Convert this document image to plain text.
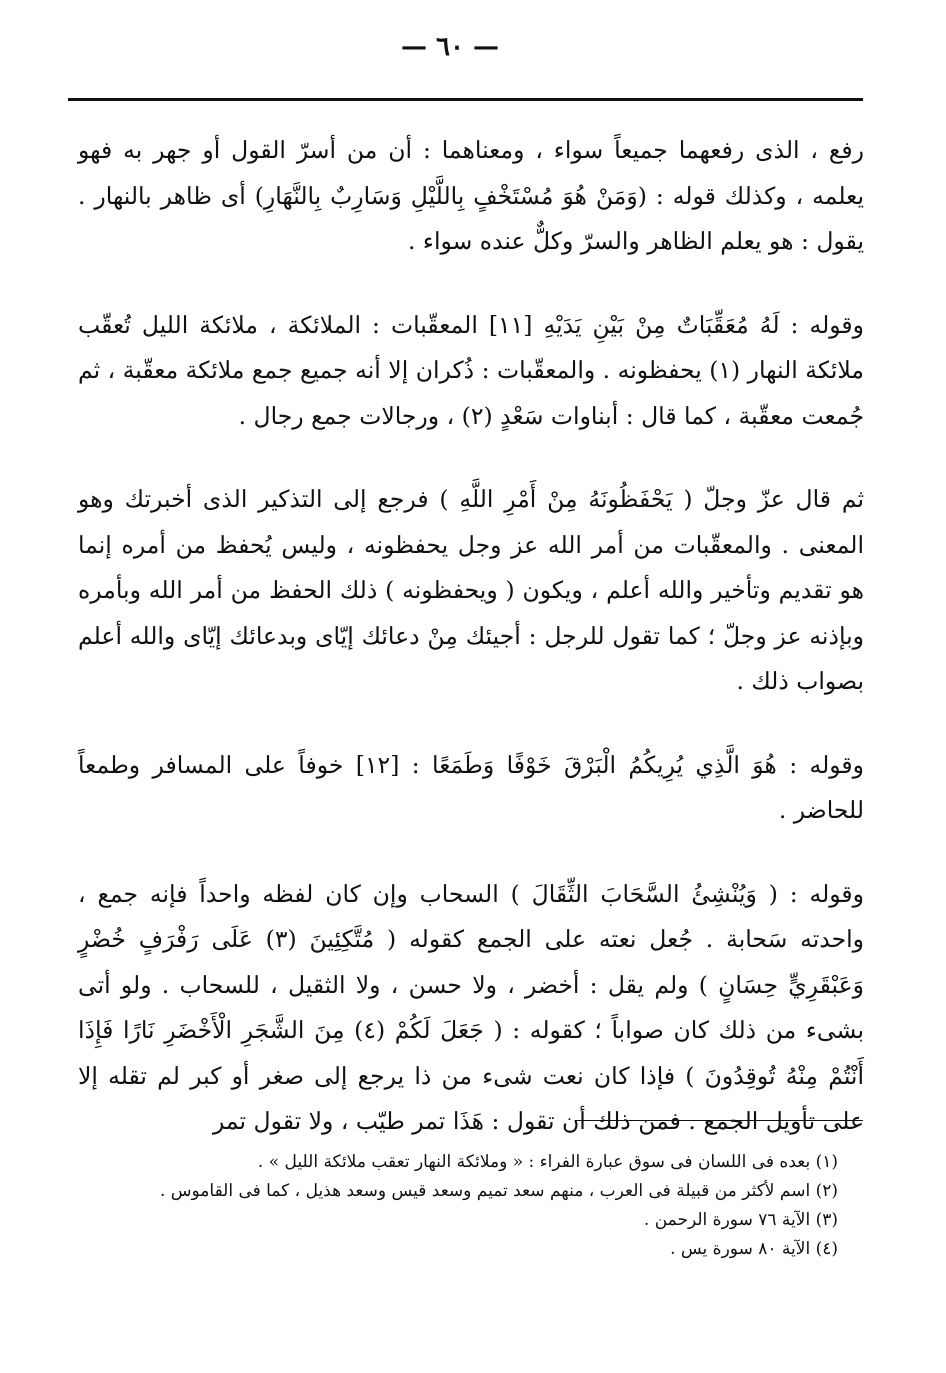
— ٦٠ —

رفع ، الذى رفعهما جميعاً سواء ، ومعناهما : أن من أسرّ القول أو جهر به فهو يعلمه ، وكذلك قوله : (وَمَنْ هُوَ مُسْتَخْفٍ بِاللَّيْلِ وَسَارِبٌ بِالنَّهَارِ) أى ظاهر بالنهار . يقول : هو يعلم الظاهر والسرّ وكلٌّ عنده سواء .

وقوله : لَهُ مُعَقِّبَاتٌ مِنْ بَيْنِ يَدَيْهِ [١١] المعقّبات : الملائكة ، ملائكة الليل تُعقّب ملائكة النهار (١) يحفظونه . والمعقّبات : ذُكران إلا أنه جميع جمع ملائكة معقّبة ، ثم جُمعت معقّبة ، كما قال : أبناوات سَعْدٍ (٢) ، ورجالات جمع رجال .

ثم قال عزّ وجلّ ( يَحْفَظُونَهُ مِنْ أَمْرِ اللَّهِ ) فرجع إلى التذكير الذى أخبرتك وهو المعنى . والمعقّبات من أمر الله عز وجل يحفظونه ، وليس يُحفظ من أمره إنما هو تقديم وتأخير والله أعلم ، ويكون ( ويحفظونه ) ذلك الحفظ من أمر الله وبأمره وبإذنه عز وجلّ ؛ كما تقول للرجل : أجيئك مِنْ دعائك إيّاى وبدعائك إيّاى والله أعلم بصواب ذلك .

وقوله : هُوَ الَّذِي يُرِيكُمُ الْبَرْقَ خَوْفًا وَطَمَعًا : [١٢] خوفاً على المسافر وطمعاً للحاضر .

وقوله : ( وَيُنْشِئُ السَّحَابَ الثِّقَالَ ) السحاب وإن كان لفظه واحداً فإنه جمع ، واحدته سَحابة . جُعل نعته على الجمع كقوله ( مُتَّكِئِينَ (٣) عَلَى رَفْرَفٍ خُضْرٍ وَعَبْقَرِيٍّ حِسَانٍ ) ولم يقل : أخضر ، ولا حسن ، ولا الثقيل ، للسحاب . ولو أتى بشىء من ذلك كان صواباً ؛ كقوله : ( جَعَلَ لَكُمْ (٤) مِنَ الشَّجَرِ الْأَخْضَرِ نَارًا فَإِذَا أَنْتُمْ مِنْهُ تُوقِدُونَ ) فإذا كان نعت شىء من ذا يرجع إلى صغر أو كبر لم تقله إلا على تأويل الجمع . فمن ذلك أن تقول : هَذَا تمر طيّب ، ولا تقول تمر

(١) بعده فى اللسان فى سوق عبارة الفراء : « وملائكة النهار تعقب ملائكة الليل » .

(٢) اسم لأكثر من قبيلة فى العرب ، منهم سعد تميم وسعد قيس وسعد هذيل ، كما فى القاموس .

(٣) الآية ٧٦ سورة الرحمن .

(٤) الآية ٨٠ سورة يس .
